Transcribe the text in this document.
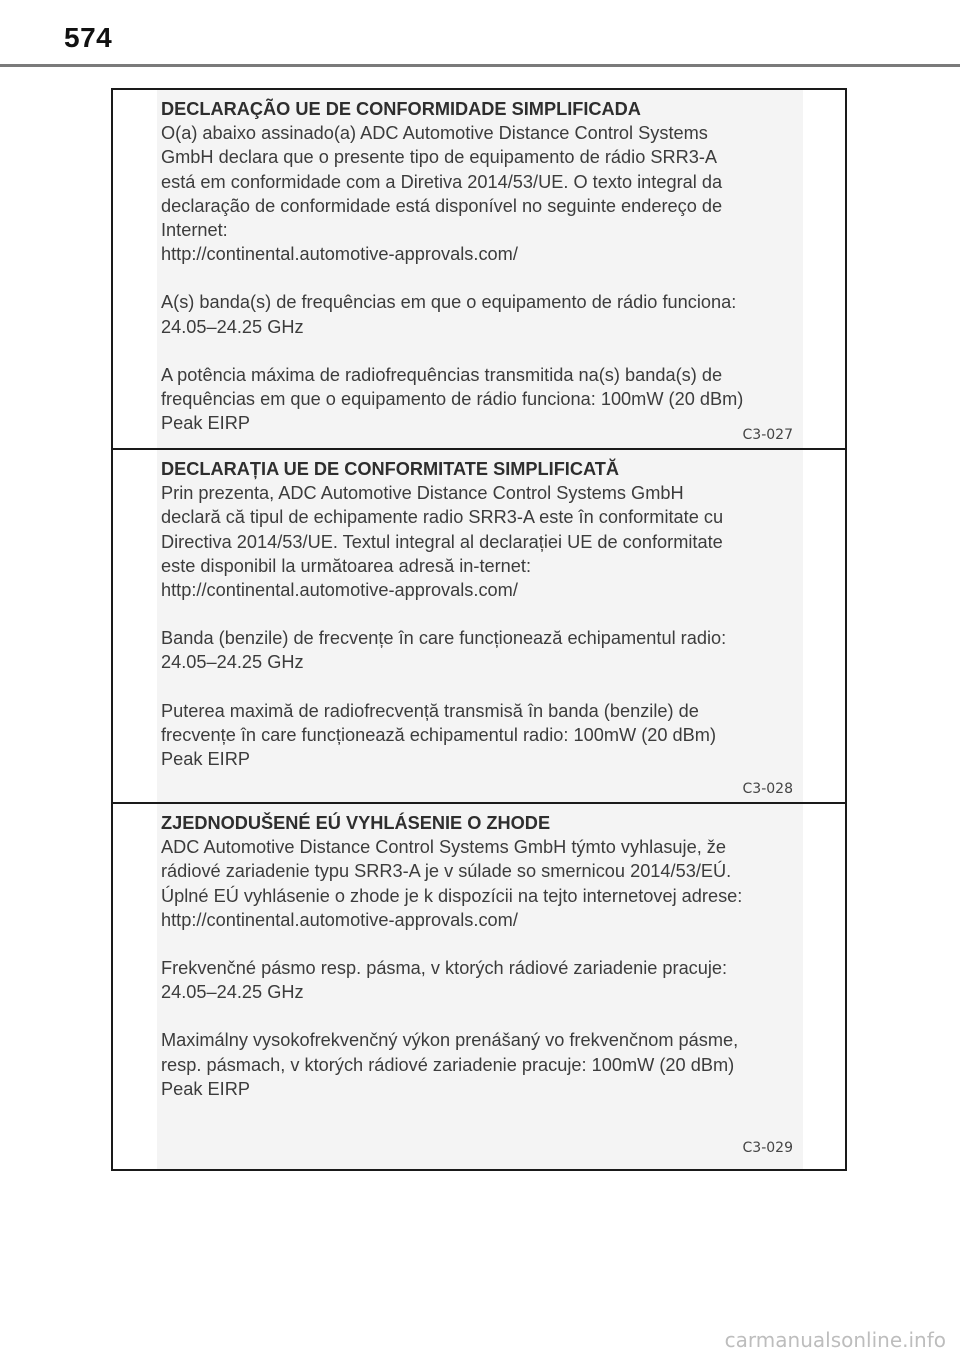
574

DECLARAÇÃO UE DE CONFORMIDADE SIMPLIFICADA

O(a) abaixo assinado(a) ADC Automotive Distance Control Systems

GmbH declara que o presente tipo de equipamento de rádio SRR3-A

está em conformidade com a Diretiva 2014/53/UE. O texto integral da

declaração de conformidade está disponível no seguinte endereço de

Internet:

http://continental.automotive-approvals.com/

A(s) banda(s) de frequências em que o equipamento de rádio funciona:

24.05–24.25 GHz

A potência máxima de radiofrequências transmitida na(s) banda(s) de

frequências em que o equipamento de rádio funciona: 100mW (20 dBm)

Peak EIRP

C3-027

DECLARAȚIA UE DE CONFORMITATE SIMPLIFICATĂ

Prin prezenta, ADC Automotive Distance Control Systems GmbH

declară că tipul de echipamente radio SRR3-A este în conformitate cu

Directiva 2014/53/UE. Textul integral al declarației UE de conformitate

este disponibil la următoarea adresă in-ternet:

http://continental.automotive-approvals.com/

Banda (benzile) de frecvențe în care funcționează echipamentul radio:

24.05–24.25 GHz

Puterea maximă de radiofrecvență transmisă în banda (benzile) de

frecvențe în care funcționează echipamentul radio: 100mW (20 dBm)

Peak EIRP

C3-028

ZJEDNODUŠENÉ EÚ VYHLÁSENIE O ZHODE

ADC Automotive Distance Control Systems GmbH týmto vyhlasuje, že

rádiové zariadenie typu SRR3-A je v súlade so smernicou 2014/53/EÚ.

Úplné EÚ vyhlásenie o zhode je k dispozícii na tejto internetovej adrese:

http://continental.automotive-approvals.com/

Frekvenčné pásmo resp. pásma, v ktorých rádiové zariadenie pracuje:

24.05–24.25 GHz

Maximálny vysokofrekvenčný výkon prenášaný vo frekvenčnom pásme,

resp. pásmach, v ktorých rádiové zariadenie pracuje: 100mW (20 dBm)

Peak EIRP

C3-029
carmanualsonline.info
